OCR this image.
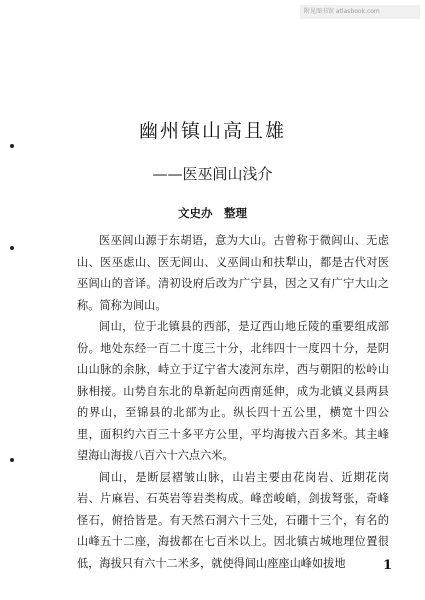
附见图书馆 atlasbook.com
幽州镇山高且雄
——医巫闾山浅介
文史办　整理

医巫闾山源于东胡语，意为大山。古曾称于微闾山、无虑山、医巫虑山、医无闾山、义巫闾山和扶犁山，都是古代对医巫闾山的音译。清初设府后改为广宁县，因之又有广宁大山之称。简称为闾山。

闾山，位于北镇县的西部，是辽西山地丘陵的重要组成部份。地处东经一百二十度三十分，北纬四十一度四十分，是阴山山脉的余脉，峙立于辽宁省大凌河东岸，西与朝阳的松岭山脉相接。山势自东北的阜新起向西南延伸，成为北镇义县两县的界山，至锦县的北部为止。纵长四十五公里，横宽十四公里，面积约六百三十多平方公里，平均海拔六百多米。其主峰望海山海拔八百六十六点六米。

闾山，是断层褶皱山脉，山岩主要由花岗岩、近期花岗岩、片麻岩、石英岩等岩类构成。峰峦峻峭，剑拔弩张，奇峰怪石，俯拾皆是。有天然石洞六十三处，石硼十三个，有名的山峰五十二座，海拔都在七百米以上。因北镇古城地理位置很低，海拔只有六十二米多，就使得闾山座座山峰如拔地	1
